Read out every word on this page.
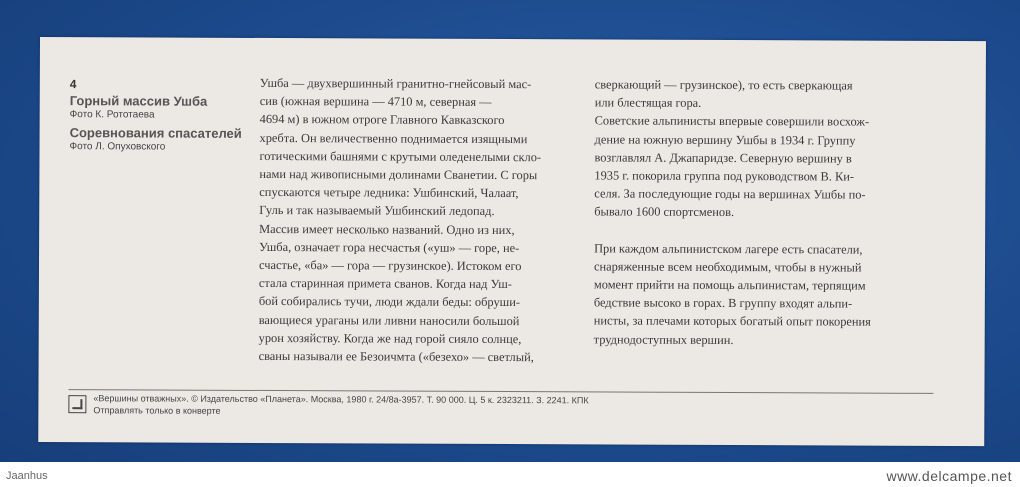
4
Горный массив Ушба
Фото К. Рототаева
Соревнования спасателей
Фото Л. Опуховского
Ушба — двухвершинный гранитно-гнейсовый мас-
сив (южная вершина — 4710 м, северная —
4694 м) в южном отроге Главного Кавказского
хребта. Он величественно поднимается изящными
готическими башнями с крутыми оледенелыми скло-
нами над живописными долинами Сванетии. С горы
спускаются четыре ледника: Ушбинский, Чалаат,
Гуль и так называемый Ушбинский ледопад.
Массив имеет несколько названий. Одно из них,
Ушба, означает гора несчастья («уш» — горе, не-
счастье, «ба» — гора — грузинское). Истоком его
стала старинная примета сванов. Когда над Уш-
бой собирались тучи, люди ждали беды: обруши-
вающиеся ураганы или ливни наносили большой
урон хозяйству. Когда же над горой сияло солнце,
сваны называли ее Безоичмта («безехо» — светлый,
сверкающий — грузинское), то есть сверкающая
или блестящая гора.
Советские альпинисты впервые совершили восхож-
дение на южную вершину Ушбы в 1934 г. Группу
возглавлял А. Джапаридзе. Северную вершину в
1935 г. покорила группа под руководством В. Ки-
селя. За последующие годы на вершинах Ушбы по-
бывало 1600 спортсменов.
При каждом альпинистском лагере есть спасатели,
снаряженные всем необходимым, чтобы в нужный
момент прийти на помощь альпинистам, терпящим
бедствие высоко в горах. В группу входят альпи-
нисты, за плечами которых богатый опыт покорения
труднодоступных вершин.
«Вершины отважных». © Издательство «Планета». Москва, 1980 г. 24/8а-3957. Т. 90 000. Ц. 5 к. 2323211. З. 2241. КПК
Отправлять только в конверте
Jaanhus	www.delcampe.net
